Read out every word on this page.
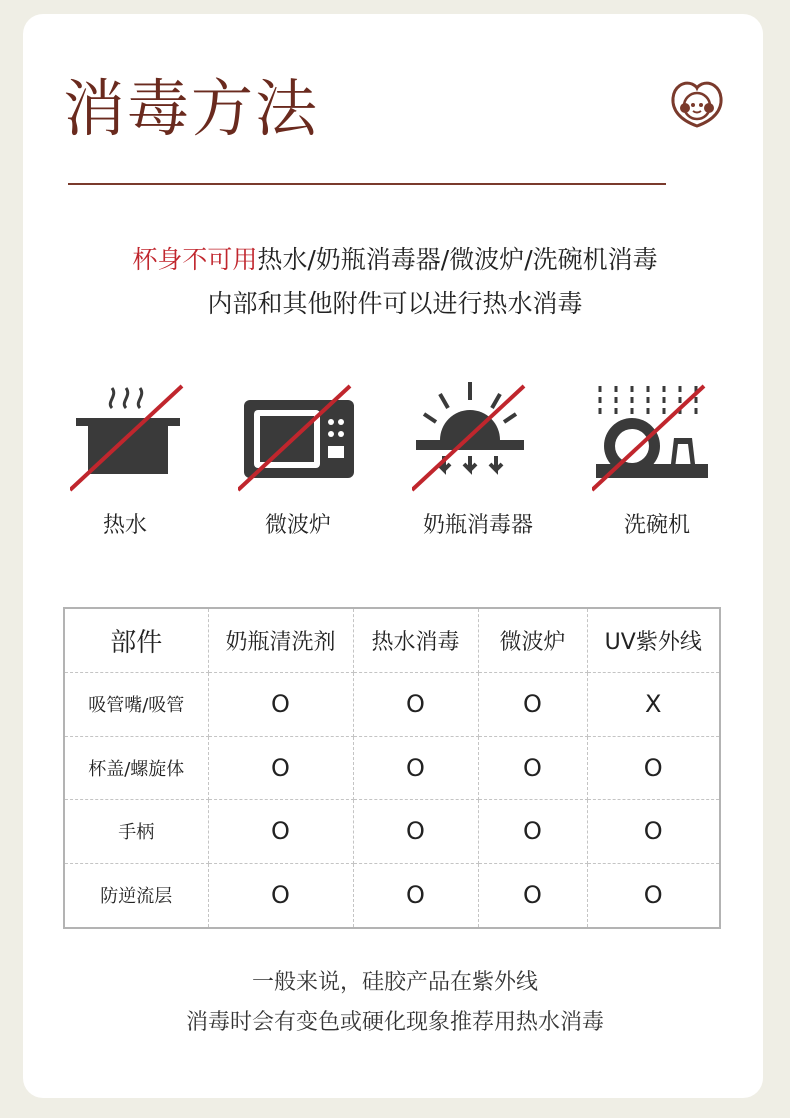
消毒方法
杯身不可用热水/奶瓶消毒器/微波炉/洗碗机消毒
内部和其他附件可以进行热水消毒
热水	微波炉	奶瓶消毒器	洗碗机
部件	奶瓶清洗剂	热水消毒	微波炉	UV紫外线
吸管嘴/吸管	O	O	O	X
杯盖/螺旋体	O	O	O	O
手柄	O	O	O	O
防逆流层	O	O	O	O
一般来说，硅胶产品在紫外线
消毒时会有变色或硬化现象推荐用热水消毒
